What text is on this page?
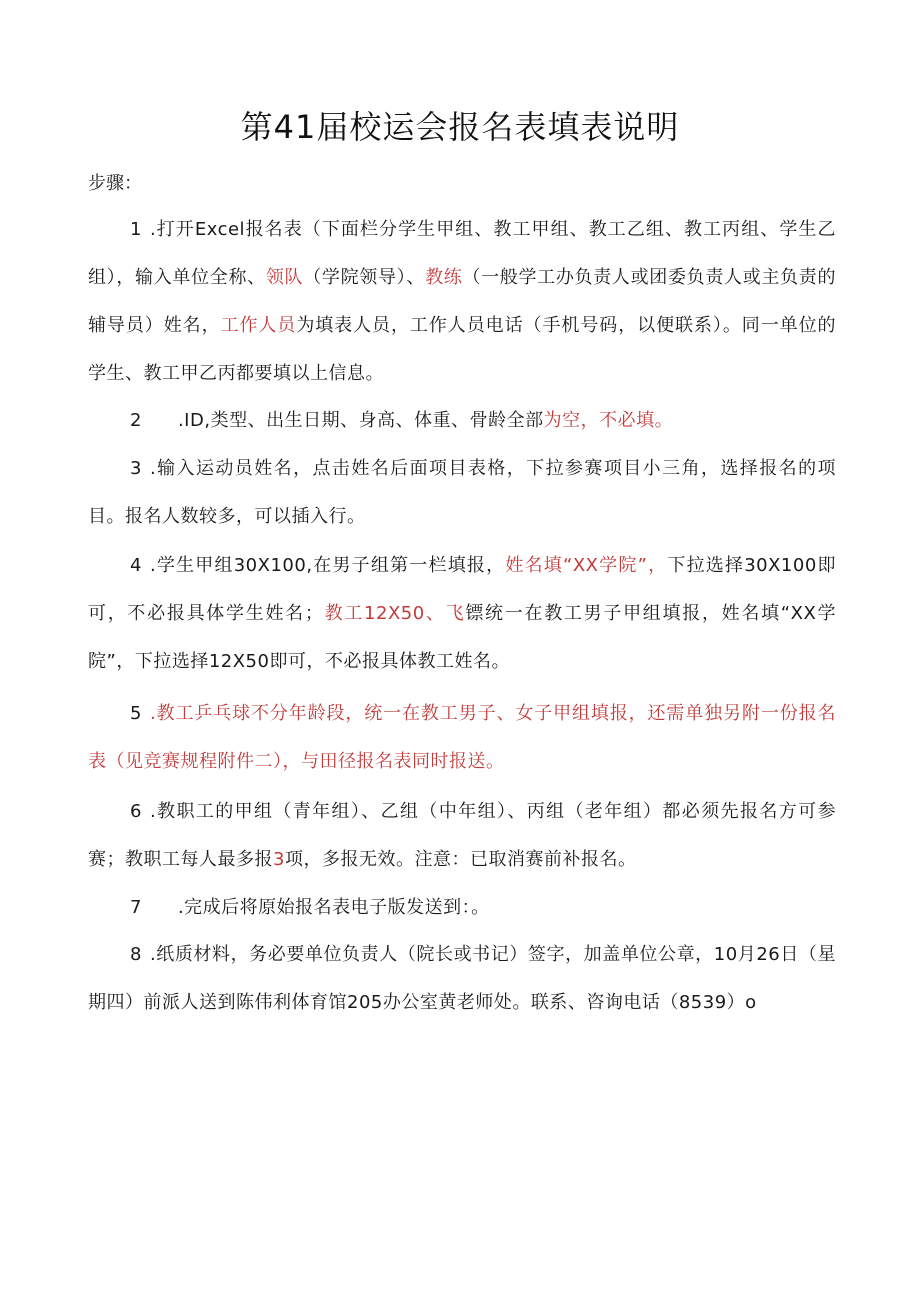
第41届校运会报名表填表说明
步骤：

1 .打开Excel报名表（下面栏分学生甲组、教工甲组、教工乙组、教工丙组、学生乙组），输入单位全称、领队（学院领导）、教练（一般学工办负责人或团委负责人或主负责的辅导员）姓名，工作人员为填表人员，工作人员电话（手机号码，以便联系）。同一单位的学生、教工甲乙丙都要填以上信息。

2 .ID,类型、出生日期、身高、体重、骨龄全部为空，不必填。

3 .输入运动员姓名，点击姓名后面项目表格，下拉参赛项目小三角，选择报名的项目。报名人数较多，可以插入行。

4 .学生甲组30X100,在男子组第一栏填报，姓名填“XX学院”，下拉选择30X100即可，不必报具体学生姓名；教工12X50、飞镖统一在教工男子甲组填报，姓名填“XX学院”，下拉选择12X50即可，不必报具体教工姓名。

5 .教工乒乓球不分年龄段，统一在教工男子、女子甲组填报，还需单独另附一份报名表（见竞赛规程附件二），与田径报名表同时报送。

6 .教职工的甲组（青年组）、乙组（中年组）、丙组（老年组）都必须先报名方可参赛；教职工每人最多报3项，多报无效。注意：已取消赛前补报名。

7 .完成后将原始报名表电子版发送到：。

8 .纸质材料，务必要单位负责人（院长或书记）签字，加盖单位公章，10月26日（星期四）前派人送到陈伟利体育馆205办公室黄老师处。联系、咨询电话（8539）o
